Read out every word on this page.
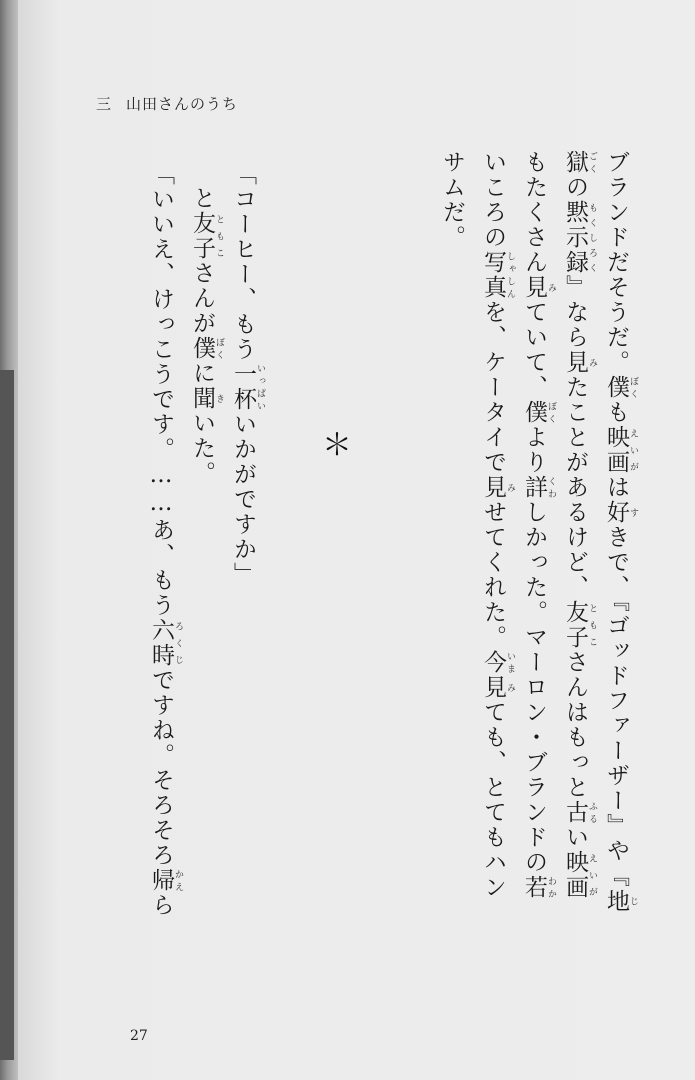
三 山田さんのうち
ブランドだそうだ。僕 ぼくも映画 えいがは好 すきで、『ゴッドファーザー』や『地 じ
獄 ごくの黙示録 もくしろく』なら見 みたことがあるけど、友子 ともこさんはもっと古 ふるい映画 えいが
もたくさん見 みていて、僕 ぼくより詳 くわしかった。マーロン・ブランドの若 わか
いころの写真 しゃしんを、ケータイで見 みせてくれた。今 いま見 みても、とてもハン
サムだ。
＊
「コーヒー、もう一杯 いっぱいいかがですか」
と友子 ともこさんが僕 ぼくに聞 きいた。
「いいえ、けっこうです。……あ、もう六時 ろくじですね。そろそろ帰 かえら
27
